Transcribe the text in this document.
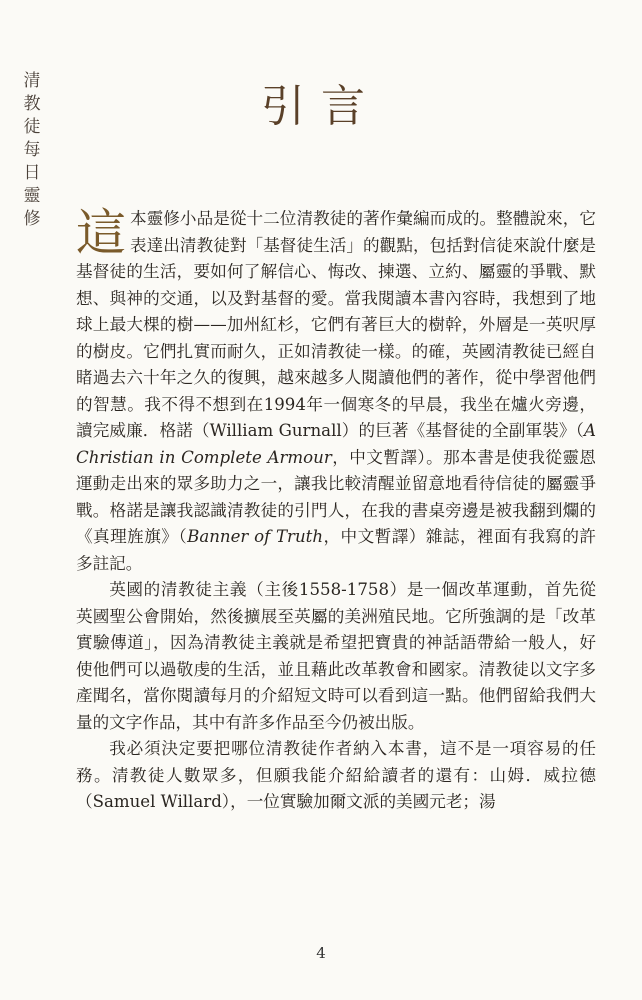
清教徒每日靈修
引言

這本靈修小品是從十二位清教徒的著作彙編而成的。整體說來，它表達出清教徒對「基督徒生活」的觀點，包括對信徒來說什麼是基督徒的生活，要如何了解信心、悔改、揀選、立約、屬靈的爭戰、默想、與神的交通，以及對基督的愛。當我閱讀本書內容時，我想到了地球上最大棵的樹——加州紅杉，它們有著巨大的樹幹，外層是一英呎厚的樹皮。它們扎實而耐久，正如清教徒一樣。的確，英國清教徒已經自睹過去六十年之久的復興，越來越多人閱讀他們的著作，從中學習他們的智慧。我不得不想到在1994年一個寒冬的早晨，我坐在爐火旁邊，讀完威廉．格諾（William Gurnall）的巨著《基督徒的全副軍裝》（A Christian in Complete Armour，中文暫譯）。那本書是使我從靈恩運動走出來的眾多助力之一，讓我比較清醒並留意地看待信徒的屬靈爭戰。格諾是讓我認識清教徒的引門人，在我的書桌旁邊是被我翻到爛的《真理旌旗》（Banner of Truth，中文暫譯）雜誌，裡面有我寫的許多註記。

英國的清教徒主義（主後1558-1758）是一個改革運動，首先從英國聖公會開始，然後擴展至英屬的美洲殖民地。它所強調的是「改革實驗傳道」，因為清教徒主義就是希望把寶貴的神話語帶給一般人，好使他們可以過敬虔的生活，並且藉此改革教會和國家。清教徒以文字多產聞名，當你閱讀每月的介紹短文時可以看到這一點。他們留給我們大量的文字作品，其中有許多作品至今仍被出版。

我必須決定要把哪位清教徒作者納入本書，這不是一項容易的任務。清教徒人數眾多，但願我能介紹給讀者的還有：山姆．威拉德（Samuel Willard），一位實驗加爾文派的美國元老；湯

4
